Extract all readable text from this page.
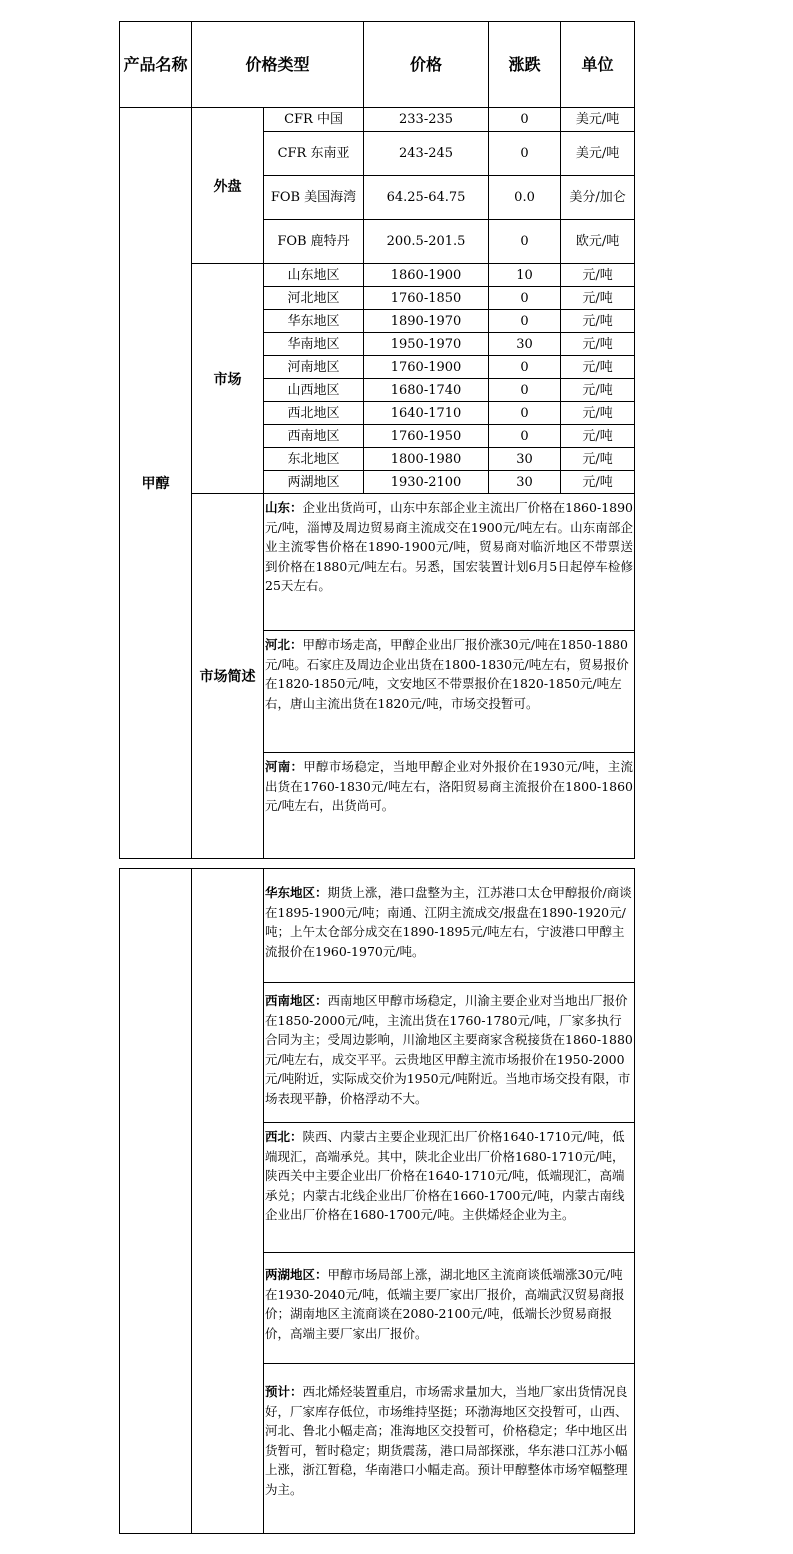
产品名称	价格类型		价格	涨跌	单位
甲醇	外盘	CFR 中国	233-235	0	美元/吨
		CFR 东南亚	243-245	0	美元/吨
		FOB 美国海湾	64.25-64.75	0.0	美分/加仑
		FOB 鹿特丹	200.5-201.5	0	欧元/吨
	市场	山东地区	1860-1900	10	元/吨
		河北地区	1760-1850	0	元/吨
		华东地区	1890-1970	0	元/吨
		华南地区	1950-1970	30	元/吨
		河南地区	1760-1900	0	元/吨
		山西地区	1680-1740	0	元/吨
		西北地区	1640-1710	0	元/吨
		西南地区	1760-1950	0	元/吨
		东北地区	1800-1980	30	元/吨
		两湖地区	1930-2100	30	元/吨
	市场简述	山东：企业出货尚可，山东中东部企业主流出厂价格在1860-1890元/吨，淄博及周边贸易商主流成交在1900元/吨左右。山东南部企业主流零售价格在1890-1900元/吨，贸易商对临沂地区不带票送到价格在1880元/吨左右。另悉，国宏装置计划6月5日起停车检修25天左右。			
		河北：甲醇市场走高，甲醇企业出厂报价涨30元/吨在1850-1880元/吨。石家庄及周边企业出货在1800-1830元/吨左右，贸易报价在1820-1850元/吨，文安地区不带票报价在1820-1850元/吨左右，唐山主流出货在1820元/吨，市场交投暂可。			
		河南：甲醇市场稳定，当地甲醇企业对外报价在1930元/吨，主流出货在1760-1830元/吨左右，洛阳贸易商主流报价在1800-1860元/吨左右，出货尚可。			
		华东地区：期货上涨，港口盘整为主，江苏港口太仓甲醇报价/商谈在1895-1900元/吨；南通、江阴主流成交/报盘在1890-1920元/吨；上午太仓部分成交在1890-1895元/吨左右，宁波港口甲醇主流报价在1960-1970元/吨。
西南地区：西南地区甲醇市场稳定，川渝主要企业对当地出厂报价在1850-2000元/吨，主流出货在1760-1780元/吨，厂家多执行合同为主；受周边影响，川渝地区主要商家含税接货在1860-1880元/吨左右，成交平平。云贵地区甲醇主流市场报价在1950-2000元/吨附近，实际成交价为1950元/吨附近。当地市场交投有限，市场表现平静，价格浮动不大。
西北：陕西、内蒙古主要企业现汇出厂价格1640-1710元/吨，低端现汇，高端承兑。其中，陕北企业出厂价格1680-1710元/吨，陕西关中主要企业出厂价格在1640-1710元/吨，低端现汇，高端承兑；内蒙古北线企业出厂价格在1660-1700元/吨，内蒙古南线企业出厂价格在1680-1700元/吨。主供烯烃企业为主。
两湖地区：甲醇市场局部上涨，湖北地区主流商谈低端涨30元/吨在1930-2040元/吨，低端主要厂家出厂报价，高端武汉贸易商报价；湖南地区主流商谈在2080-2100元/吨，低端长沙贸易商报价，高端主要厂家出厂报价。
预计：西北烯烃装置重启，市场需求量加大，当地厂家出货情况良好，厂家库存低位，市场维持坚挺；环渤海地区交投暂可，山西、河北、鲁北小幅走高；准海地区交投暂可，价格稳定；华中地区出货暂可，暂时稳定；期货震荡，港口局部探涨，华东港口江苏小幅上涨，浙江暂稳，华南港口小幅走高。预计甲醇整体市场窄幅整理为主。
